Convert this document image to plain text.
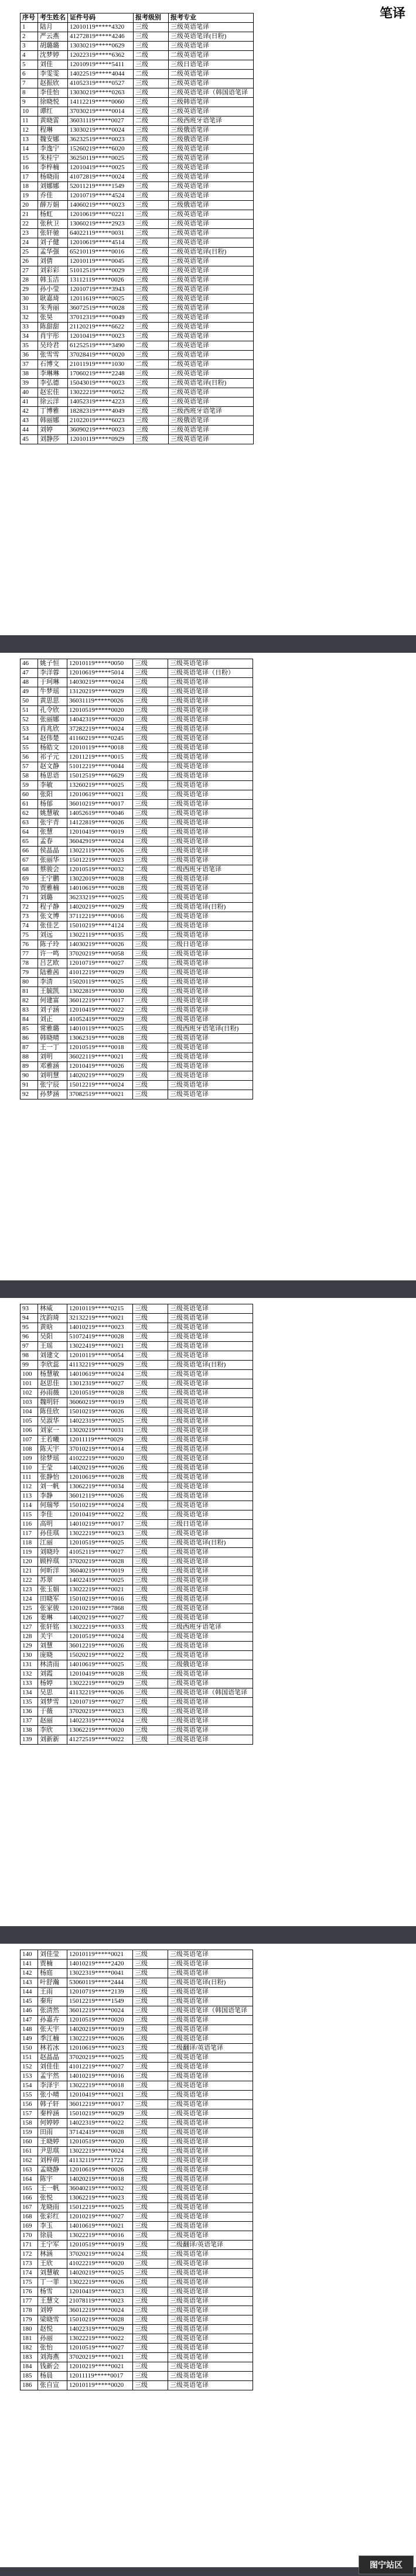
笔译
图宁站区
序号	考生姓名	证件号码	报考级别	报考专业
1	陆月	12010119*****4320	三级	三级英语笔译
2	严云燕	41272819*****4246	三级	三级英语笔译(日粉)
3	胡璐璐	13030219*****0629	三级	三级英语笔译
4	沈梦婷	12022319*****6362	二级	二级英语笔译
5	刘佳	12010919*****5411	三级	三级日语笔译
6	李雯雯	14022519*****4044	二级	二级英语笔译
7	赵振欣	41052319*****0527	三级	三级英语笔译
8	李佳怡	13030219*****0263	三级	三级英语笔译（韩国语笔译
9	徐晓悦	14112219*****0060	三级	三级韩语笔译
10	谭红	37030219*****0014	三级	三级英语笔译
11	黄晓雷	36031119*****0027	二级	二级西班牙语笔译
12	程琳	13030219*****0024	三级	三级俄语笔译
13	魏安娜	36232519*****0023	三级	三级俄语笔译
14	李逸宁	15260219*****6020	三级	三级英语笔译
15	朱桂宁	36250119*****0025	三级	三级英语笔译
16	李梓楠	12010419*****0025	三级	三级英语笔译
17	杨晓雨	41072819*****0024	三级	三级英语笔译
18	刘娜娜	52011219*****1549	三级	三级英语笔译
19	乔佳	12010719*****4524	三级	三级英语笔译
20	薛万娟	14060219*****0023	三级	三级俄语笔译
21	杨虹	12010619*****0221	三级	三级英语笔译
22	张秋卫	13060219*****2923	三级	三级英语笔译
23	张轩驰	64022119*****0031	三级	三级英语笔译
24	刘子健	12010619*****4514	三级	三级英语笔译
25	孟华强	65210119*****0016	二级	二级英语笔译(日粉)
26	刘倩	12010119*****0045	三级	三级英语笔译
27	刘彩彩	51012519*****0029	三级	三级英语笔译
28	韩玉洁	13112119*****0026	三级	三级英语笔译
29	孙小莹	12010719*****3943	三级	三级英语笔译
30	耿嘉琦	12011619*****0025	三级	三级英语笔译
31	朱秀丽	36072519*****0028	三级	三级英语笔译
32	张昊	37012319*****0049	三级	三级英语笔译
33	陈甜甜	21120219*****6622	三级	三级英语笔译
34	肖宇彤	12010419*****0023	三级	三级英语笔译
35	吴玲君	61252519*****3490	二级	二级英语笔译
36	张雪雪	37028419*****0020	三级	三级英语笔译
37	石博文	21011919*****1030	二级	二级英语笔译
38	李琳琳	17060219*****2248	三级	三级英语笔译
39	李弘德	15043019*****0023	三级	三级英语笔译(日粉)
40	赵宏佳	13022219*****0052	三级	三级英语笔译
41	徐云洋	14052319*****4223	三级	三级英语笔译
42	丁博雅	18282319*****4049	三级	三级西班牙语笔译
43	韩丽娜	21022019*****6023	三级	三级俄语笔译
44	刘婷	36090219*****0023	三级	三级英语笔译
45	刘静莎	12010119*****0929	三级	三级英语笔译
46	姚子恒	12010119*****0050	三级	三级英语笔译
47	李洋蓉	12010619*****5014	三级	三级英语笔译（日粉）
48	于珂琳	14030219*****0024	三级	三级英语笔译
49	牛梦瑶	13120219*****0029	三级	三级英语笔译
50	黄思思	36031119*****0026	三级	三级英语笔译
51	孔令欣	12010519*****0020	三级	三级英语笔译
52	张丽娜	14042319*****0020	三级	三级英语笔译
53	肖兆欣	37282219*****0024	三级	三级英语笔译
54	赵伟楚	41160219*****0245	三级	三级英语笔译
55	杨皓文	12010119*****0018	三级	三级英语笔译
56	祁子元	12011219*****0015	三级	三级英语笔译
57	赵文静	51012219*****0044	三级	三级英语笔译
58	杨思语	15012519*****6629	三级	三级英语笔译
59	李敏	13260219*****0025	三级	三级英语笔译
60	张阳	12010619*****0021	三级	三级英语笔译
61	杨郁	36010219*****0017	三级	三级英语笔译
62	姚慧敏	14052619*****0046	三级	三级英语笔译
63	张宇青	14122819*****0026	三级	三级英语笔译
64	张慧	12010419*****0019	三级	三级英语笔译
65	孟春	36042919*****0024	三级	三级英语笔译
66	侯晶晶	13022119*****0026	三级	三级英语笔译
67	张丽华	15012219*****0023	三级	三级英语笔译
68	蔡骏会	12010519*****0032	二级	二级西班牙语笔译
69	王宁鹏	13022019*****0028	三级	三级英语笔译
70	贾雅楠	14010619*****0028	三级	三级英语笔译
71	刘璐	36233219*****0025	三级	三级英语笔译
72	程子静	14020219*****0029	三级	三级英语笔译(日粉)
73	张文博	37112219*****0016	三级	三级英语笔译
74	张佳艺	15010219*****4124	三级	三级英语笔译
75	刘远	13022119*****0035	三级	三级英语笔译
76	陈子玲	14030219*****0026	三级	三级日语笔译
77	许一鸣	37020219*****0058	三级	三级英语笔译
78	吕艺欧	12010719*****0027	三级	三级英语笔译
79	陆雅茜	41012219*****0029	三级	三级英语笔译
80	李清	15020119*****0025	三级	三级英语笔译
81	王毓凯	13022819*****0030	三级	三级英语笔译
82	何建富	36012219*****0017	三级	三级英语笔译
83	刘子涵	12010419*****0022	三级	三级英语笔译
84	刘正	41052419*****0029	三级	三级英语笔译
85	常雅璐	14010119*****0025	三级	三级西班牙语笔译(日粉)
86	韩晓晴	13062319*****0028	三级	三级英语笔译
87	王一丁	12010519*****0018	三级	三级英语笔译
88	刘明	36022119*****0021	三级	三级英语笔译
89	邓雅涵	12010419*****0026	三级	三级英语笔译
90	刘明慧	14020219*****0029	三级	三级英语笔译
91	张宁辰	15012219*****0024	三级	三级英语笔译
92	孙梦涵	37082519*****0021	三级	三级英语笔译
93	林威	12010119*****0215	三级	三级英语笔译
94	沈韵琦	32132219*****0021	三级	三级英语笔译
95	黄晗	14010219*****0023	三级	三级英语笔译
96	吴阳	51072419*****0028	三级	三级英语笔译
97	王瑶	13022419*****0021	三级	三级英语笔译
98	刘建文	12010119*****0054	三级	三级英语笔译
99	李欣蕊	41132219*****0029	三级	三级英语笔译(日粉)
100	杨慧敏	14010619*****0024	三级	三级英语笔译
101	赵思佳	13012319*****0027	三级	三级英语笔译
102	孙雨薇	12010519*****0028	三级	三级英语笔译
103	魏明轩	36060219*****0019	三级	三级英语笔译
104	陈佳欣	15010219*****0026	三级	三级英语笔译
105	吴淑华	14022319*****0025	三级	三级英语笔译
106	刘家一	13020219*****0031	三级	三级英语笔译
107	王若曦	12011119*****0029	三级	三级英语笔译
108	陈天宇	37010219*****0014	三级	三级英语笔译
109	徐梦瑶	41022219*****0020	三级	三级英语笔译
110	王莹	14020219*****0026	三级	三级英语笔译
111	张静怡	12010619*****0028	三级	三级英语笔译
112	刘一帆	13062219*****0034	三级	三级英语笔译
113	李静	36012119*****0026	三级	三级英语笔译
114	何瑞琴	15010219*****0024	三级	三级英语笔译
115	李佳	12010419*****0022	三级	三级英语笔译
116	高明	14010219*****0017	三级	三级日语笔译
117	孙佳琪	13022219*****0023	三级	三级英语笔译
118	江丽	12010519*****0025	三级	三级英语笔译(日粉)
119	刘晓玲	41052119*****0027	三级	三级英语笔译
120	顾梓琪	37020219*****0028	三级	三级英语笔译
121	何昕洋	36040219*****0019	三级	三级英语笔译
122	苏翠	14022419*****0025	三级	三级英语笔译
123	张玉娟	13022219*****0021	三级	三级英语笔译
124	田晓军	15010219*****0016	三级	三级英语笔译
125	张家骏	12010219*****7868	三级	三级英语笔译
126	姜琳	14020219*****0027	三级	三级英语笔译
127	张轩铭	13022219*****0033	三级	三级西班牙语笔译
128	关宇	12010519*****0024	三级	三级英语笔译
129	刘慧	36012219*****0026	三级	三级英语笔译
130	庞晓	15020219*****0022	三级	三级英语笔译
131	林清雨	14010619*****0025	三级	三级俄语笔译
132	刘霞	12010419*****0028	三级	三级英语笔译
133	杨婷	13022219*****0029	三级	三级英语笔译
134	吴思	41132219*****0026	三级	三级英语笔译（韩国语笔译
135	刘梦雪	12010719*****0027	三级	三级英语笔译
136	于薇	37020219*****0023	三级	三级英语笔译
137	赵丽	14022319*****0024	三级	三级英语笔译
138	李欣	13062219*****0020	三级	三级英语笔译
139	刘新新	41272519*****0022	三级	三级英语笔译
140	刘佳莹	12010119*****0021	三级	三级英语笔译
141	贾楠	14010219*****2420	三级	三级英语笔译
142	杨庭	13022319*****0041	三级	三级英语笔译
143	叶舒瀚	53060119*****2444	三级	三级英语笔译(日粉)
144	王雨	12010719*****2139	三级	三级英语笔译
145	秦珩	15012219*****1549	三级	三级英语笔译
146	张清然	36012219*****0024	三级	三级英语笔译（韩国语笔译
147	孙嘉卉	12010519*****0020	三级	三级英语笔译
148	张天宇	14020219*****0019	三级	三级英语笔译
149	季江楠	13022219*****0026	三级	三级英语笔译
150	林若冰	12010619*****0023	三级	二级翻译/英语笔译
151	赵晶晶	37020219*****0025	三级	三级英语笔译
152	刘佳佳	41012219*****0027	三级	三级英语笔译
153	孟宇然	14010219*****0016	三级	三级英语笔译
154	李泽宇	13022219*****0018	三级	三级英语笔译
155	张小晴	12010419*****0021	三级	三级英语笔译
156	韩子轩	36012219*****0017	三级	三级英语笔译
157	秦梓涵	15010219*****0029	三级	三级英语笔译
158	何婷婷	14022319*****0022	三级	三级英语笔译
159	田雨	37142419*****0028	三级	三级英语笔译
160	王晓婷	12010519*****0020	三级	三级英语笔译
161	尹思琪	13022219*****0024	三级	三级英语笔译
162	刘梓萌	41132119*****1722	三级	三级英语笔译
163	孟晓静	12010619*****0026	三级	三级英语笔译
164	陈宇	14020219*****0018	三级	三级英语笔译
165	王一帆	36040219*****0032	三级	三级英语笔译
166	张悦	13062219*****0023	三级	三级英语笔译
167	龙晓雨	15012219*****0025	三级	三级英语笔译
168	张彩红	12010219*****0027	三级	三级英语笔译
169	李玉	14010619*****0021	三级	三级英语笔译
170	徐晨	13022219*****0016	三级	三级英语笔译
171	王宁军	12010519*****0019	三级	二级翻译/英语笔译
172	林涵	37020219*****0024	三级	三级英语笔译
173	王欣	41022219*****0020	三级	三级英语笔译
174	刘慧敏	14020219*****0025	三级	三级英语笔译
175	丁一菲	13022219*****0026	三级	三级英语笔译
176	杨雪	12010419*****0023	三级	三级英语笔译
177	王慧文	21078119*****0023	三级	三级英语笔译
178	刘婷	36012219*****0024	三级	三级英语笔译
179	梁晓雪	15010219*****0028	三级	三级英语笔译
180	赵悦	14022319*****0029	三级	三级英语笔译
181	孙丽	13022219*****0022	三级	三级英语笔译
182	张怡	12010519*****0027	三级	三级英语笔译
183	刘海燕	37020219*****0021	三级	三级英语笔译
184	钱新会	12010219*****0021	三级	三级英语笔译
185	杨晨	12011119*****0017	三级	三级英语笔译
186	张自宣	12010119*****0020	三级	三级英语笔译
